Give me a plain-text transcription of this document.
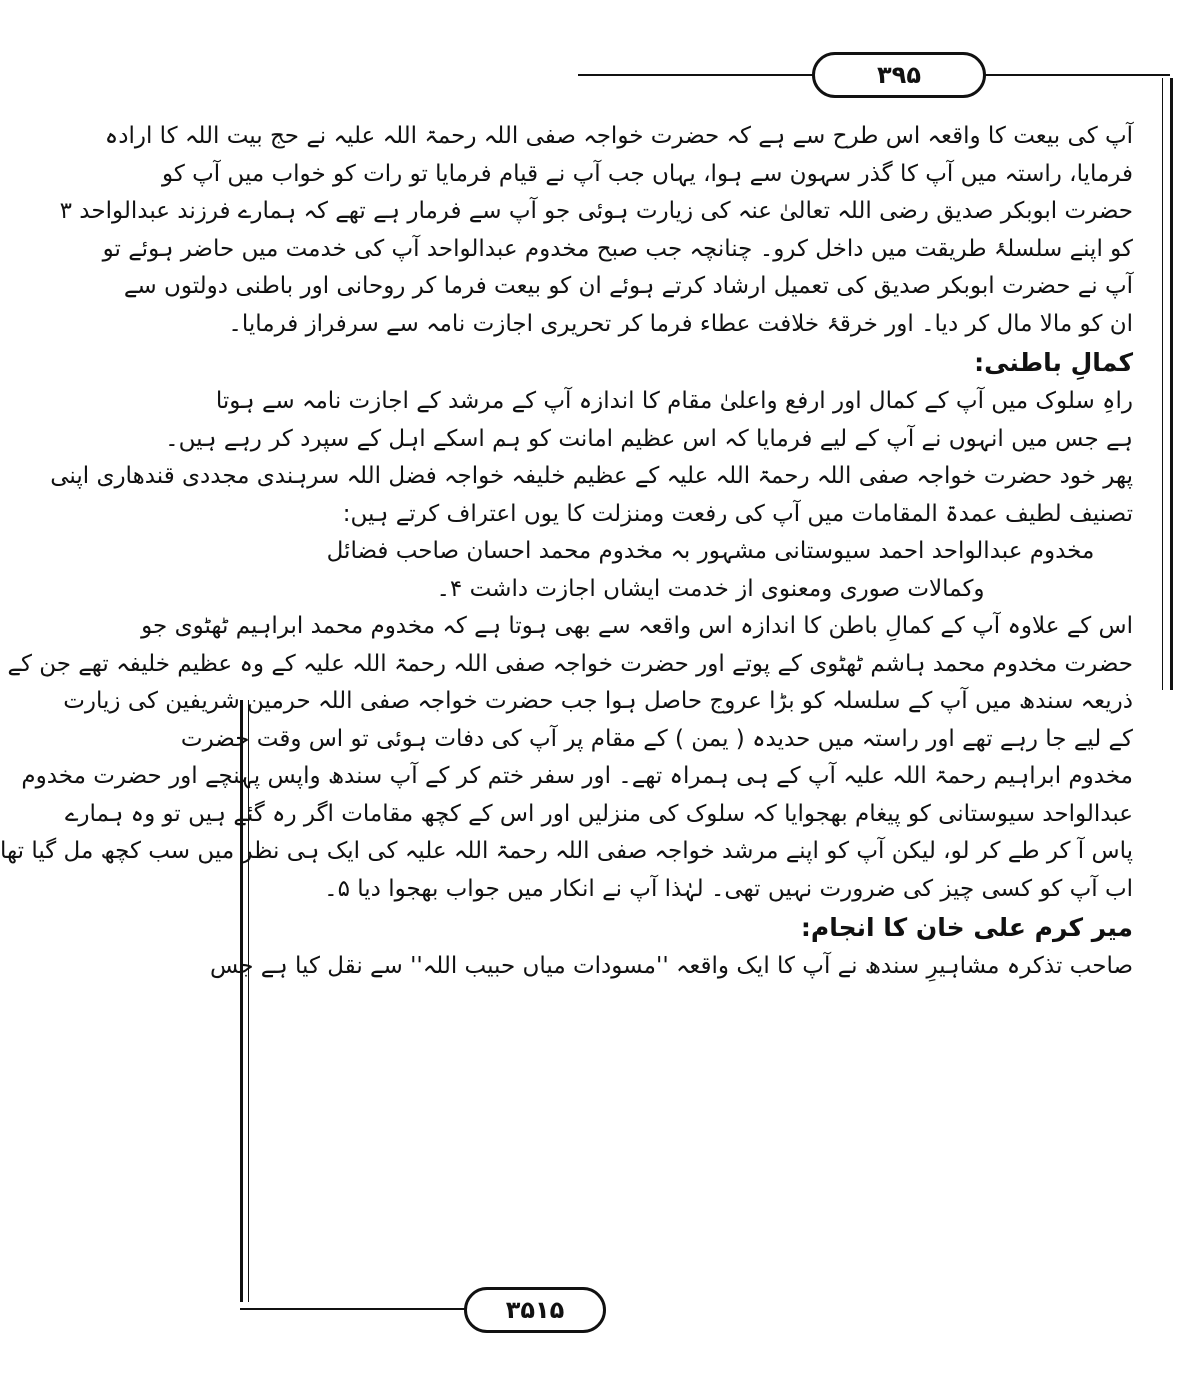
۳۹۵
آپ کی بیعت کا واقعہ اس طرح سے ہے کہ حضرت خواجہ صفی اللہ رحمۃ اللہ علیہ نے حج بیت اللہ کا ارادہ
فرمایا، راستہ میں آپ کا گذر سہون سے ہوا، یہاں جب آپ نے قیام فرمایا تو رات کو خواب میں آپ کو
حضرت ابوبکر صدیق رضی اللہ تعالیٰ عنہ کی زیارت ہوئی جو آپ سے فرمار ہے تھے کہ ہمارے فرزند عبدالواحد ۳
کو اپنے سلسلۂ طریقت میں داخل کرو۔ چنانچہ جب صبح مخدوم عبدالواحد آپ کی خدمت میں حاضر ہوئے تو
آپ نے حضرت ابوبکر صدیق کی تعمیل ارشاد کرتے ہوئے ان کو بیعت فرما کر روحانی اور باطنی دولتوں سے
ان کو مالا مال کر دیا۔ اور خرقۂ خلافت عطاء فرما کر تحریری اجازت نامہ سے سرفراز فرمایا۔
کمالِ باطنی:
راہِ سلوک میں آپ کے کمال اور ارفع واعلیٰ مقام کا اندازہ آپ کے مرشد کے اجازت نامہ سے ہوتا
ہے جس میں انہوں نے آپ کے لیے فرمایا کہ اس عظیم امانت کو ہم اسکے اہل کے سپرد کر رہے ہیں۔
پھر خود حضرت خواجہ صفی اللہ رحمۃ اللہ علیہ کے عظیم خلیفہ خواجہ فضل اللہ سرہندی مجددی قندھاری اپنی
تصنیف لطیف عمدۃ المقامات میں آپ کی رفعت ومنزلت کا یوں اعتراف کرتے ہیں:
مخدوم عبدالواحد احمد سیوستانی مشہور بہ مخدوم محمد احسان صاحب فضائل
وکمالات صوری ومعنوی از خدمت ایشاں اجازت داشت ۴۔
اس کے علاوہ آپ کے کمالِ باطن کا اندازہ اس واقعہ سے بھی ہوتا ہے کہ مخدوم محمد ابراہیم ٹھٹوی جو
حضرت مخدوم محمد ہاشم ٹھٹوی کے پوتے اور حضرت خواجہ صفی اللہ رحمۃ اللہ علیہ کے وہ عظیم خلیفہ تھے جن کے
ذریعہ سندھ میں آپ کے سلسلہ کو بڑا عروج حاصل ہوا جب حضرت خواجہ صفی اللہ حرمین شریفین کی زیارت
کے لیے جا رہے تھے اور راستہ میں حدیدہ ( یمن ) کے مقام پر آپ کی دفات ہوئی تو اس وقت حضرت
مخدوم ابراہیم رحمۃ اللہ علیہ آپ کے ہی ہمراہ تھے۔ اور سفر ختم کر کے آپ سندھ واپس پہنچے اور حضرت مخدوم
عبدالواحد سیوستانی کو پیغام بھجوایا کہ سلوک کی منزلیں اور اس کے کچھ مقامات اگر رہ گئے ہیں تو وہ ہمارے
پاس آ کر طے کر لو، لیکن آپ کو اپنے مرشد خواجہ صفی اللہ رحمۃ اللہ علیہ کی ایک ہی نظر میں سب کچھ مل گیا تھا
اب آپ کو کسی چیز کی ضرورت نہیں تھی۔ لہٰذا آپ نے انکار میں جواب بھجوا دیا ۵۔
میر کرم علی خان کا انجام:
صاحب تذکرہ مشاہیرِ سندھ نے آپ کا ایک واقعہ ''مسودات میاں حبیب اللہ'' سے نقل کیا ہے جس
۳۵۱۵
